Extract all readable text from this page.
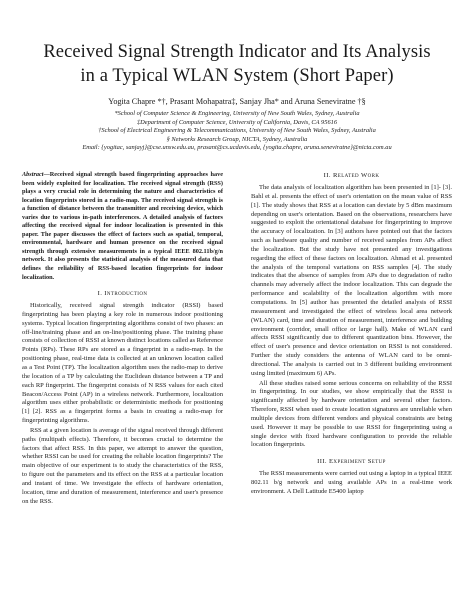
Received Signal Strength Indicator and Its Analysis
in a Typical WLAN System (Short Paper)
Yogita Chapre *†, Prasant Mohapatra‡, Sanjay Jha* and Aruna Seneviratne †§
*School of Computer Science & Engineering, University of New South Wales, Sydney, Australia
‡Department of Computer Science, University of California, Davis, CA 95616
†School of Electrical Engineering & Telecommunications, University of New South Wales, Sydney, Australia
§ Networks Research Group, NICTA, Sydney, Australia
Email: {yogitac, sanjayj}@cse.unsw.edu.au, prasant@cs.ucdavis.edu, {yogita.chapre, aruna.seneviratne}@nicta.com.au
Abstract—Received signal strength based fingerprinting approaches have been widely exploited for localization. The received signal strength (RSS) plays a very crucial role in determining the nature and characteristics of location fingerprints stored in a radio-map. The received signal strength is a function of distance between the transmitter and receiving device, which varies due to various in-path interferences. A detailed analysis of factors affecting the received signal for indoor localization is presented in this paper. The paper discusses the effect of factors such as spatial, temporal, environmental, hardware and human presence on the received signal strength through extensive measurements in a typical IEEE 802.11b/g/n network. It also presents the statistical analysis of the measured data that defines the reliability of RSS-based location fingerprints for indoor localization.
I. Introduction

Historically, received signal strength indicator (RSSI) based fingerprinting has been playing a key role in numerous indoor positioning systems. Typical location fingerprinting algorithms consist of two phases: an off-line/training phase and an on-line/positioning phase. The training phase consists of collection of RSSI at known distinct locations called as Reference Points (RPs). These RPs are stored as a fingerprint in a radio-map. In the positioning phase, real-time data is collected at an unknown location called as a Test Point (TP). The localization algorithm uses the radio-map to derive the location of a TP by calculating the Euclidean distance between a TP and each RP fingerprint. The fingerprint consists of N RSS values for each cited Beacon/Access Point (AP) in a wireless network. Furthermore, localization algorithm uses either probabilistic or deterministic methods for positioning [1] [2]. RSS as a fingerprint forms a basis in creating a radio-map for fingerprinting algorithms.

RSS at a given location is average of the signal received through different paths (multipath effects). Therefore, it becomes crucial to determine the factors that affect RSS. In this paper, we attempt to answer the question, whether RSSI can be used for creating the reliable location fingerprints? The main objective of our experiment is to study the characteristics of the RSS, to figure out the parameters and its effect on the RSS at a particular location and instant of time. We investigate the effects of hardware orientation, location, time and duration of measurement, interference and user's presence on the RSS.

II. Related Work

The data analysis of localization algorithm has been presented in [1]- [3]. Bahl et al. presents the effect of user's orientation on the mean value of RSS [1]. The study shows that RSS at a location can deviate by 5 dBm maximum depending on user's orientation. Based on the observations, researchers have suggested to exploit the orientational database for fingerprinting to improve the accuracy of localization. In [3] authors have pointed out that the factors such as hardware quality and number of received samples from APs affect the localization. But the study have not presented any investigations regarding the effect of these factors on localization. Ahmad et al. presented the analysis of the temporal variations on RSS samples [4]. The study indicates that the absence of samples from APs due to degradation of radio channels may adversely affect the indoor localization. This can degrade the performance and scalability of the localization algorithm with more computations. In [5] author has presented the detailed analysis of RSSI measurement and investigated the effect of wireless local area network (WLAN) card, time and duration of measurement, interference and building environment (corridor, small office or large hall). Make of WLAN card affects RSSI significantly due to different quantization bins. However, the effect of user's presence and device orientation on RSSI is not considered. Further the study considers the antenna of WLAN card to be omni-directional. The analysis is carried out in 3 different building environment using limited (maximum 6) APs.

All these studies raised some serious concerns on reliability of the RSSI in fingerprinting. In our studies, we show empirically that the RSSI is significantly affected by hardware orientation and several other factors. Therefore, RSSI when used to create location signatures are unreliable when multiple devices from different vendors and physical constraints are being used. However it may be possible to use RSSI for fingerprinting using a single device with fixed hardware configuration to provide the reliable location fingerprints.

III. Experiment Setup

The RSSI measurements were carried out using a laptop in a typical IEEE 802.11 b/g network and using available APs in a real-time work environment. A Dell Latitude E5400 laptop
